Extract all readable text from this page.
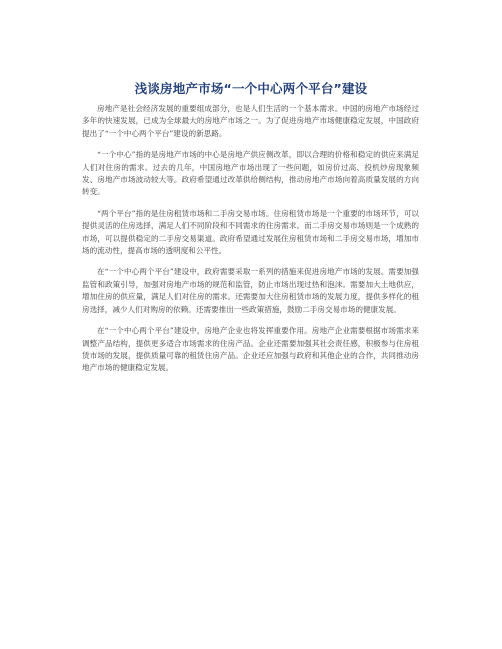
浅谈房地产市场“一个中心两个平台”建设

房地产是社会经济发展的重要组成部分，也是人们生活的一个基本需求。中国的房地产市场经过多年的快速发展，已成为全球最大的房地产市场之一。为了促进房地产市场健康稳定发展，中国政府提出了“一个中心两个平台”建设的新思路。

“一个中心”指的是房地产市场的中心是房地产供应侧改革，即以合理的价格和稳定的供应来满足人们对住房的需求。过去的几年，中国房地产市场出现了一些问题，如房价过高、投机炒房现象频发、房地产市场波动较大等。政府希望通过改革供给侧结构，推动房地产市场向着高质量发展的方向转变。

“两个平台”指的是住房租赁市场和二手房交易市场。住房租赁市场是一个重要的市场环节，可以提供灵活的住房选择，满足人们不同阶段和不同需求的住房需求。而二手房交易市场则是一个成熟的市场，可以提供稳定的二手房交易渠道。政府希望通过发展住房租赁市场和二手房交易市场，增加市场的流动性，提高市场的透明度和公平性。

在“一个中心两个平台”建设中，政府需要采取一系列的措施来促进房地产市场的发展。需要加强监管和政策引导，加强对房地产市场的规范和监管，防止市场出现过热和泡沫。需要加大土地供应，增加住房的供应量，满足人们对住房的需求。还需要加大住房租赁市场的发展力度，提供多样化的租房选择，减少人们对购房的依赖。还需要推出一些政策措施，鼓励二手房交易市场的健康发展。

在“一个中心两个平台”建设中，房地产企业也将发挥重要作用。房地产企业需要根据市场需求来调整产品结构，提供更多适合市场需求的住房产品。企业还需要加强其社会责任感，积极参与住房租赁市场的发展，提供质量可靠的租赁住房产品。企业还应加强与政府和其他企业的合作，共同推动房地产市场的健康稳定发展。
